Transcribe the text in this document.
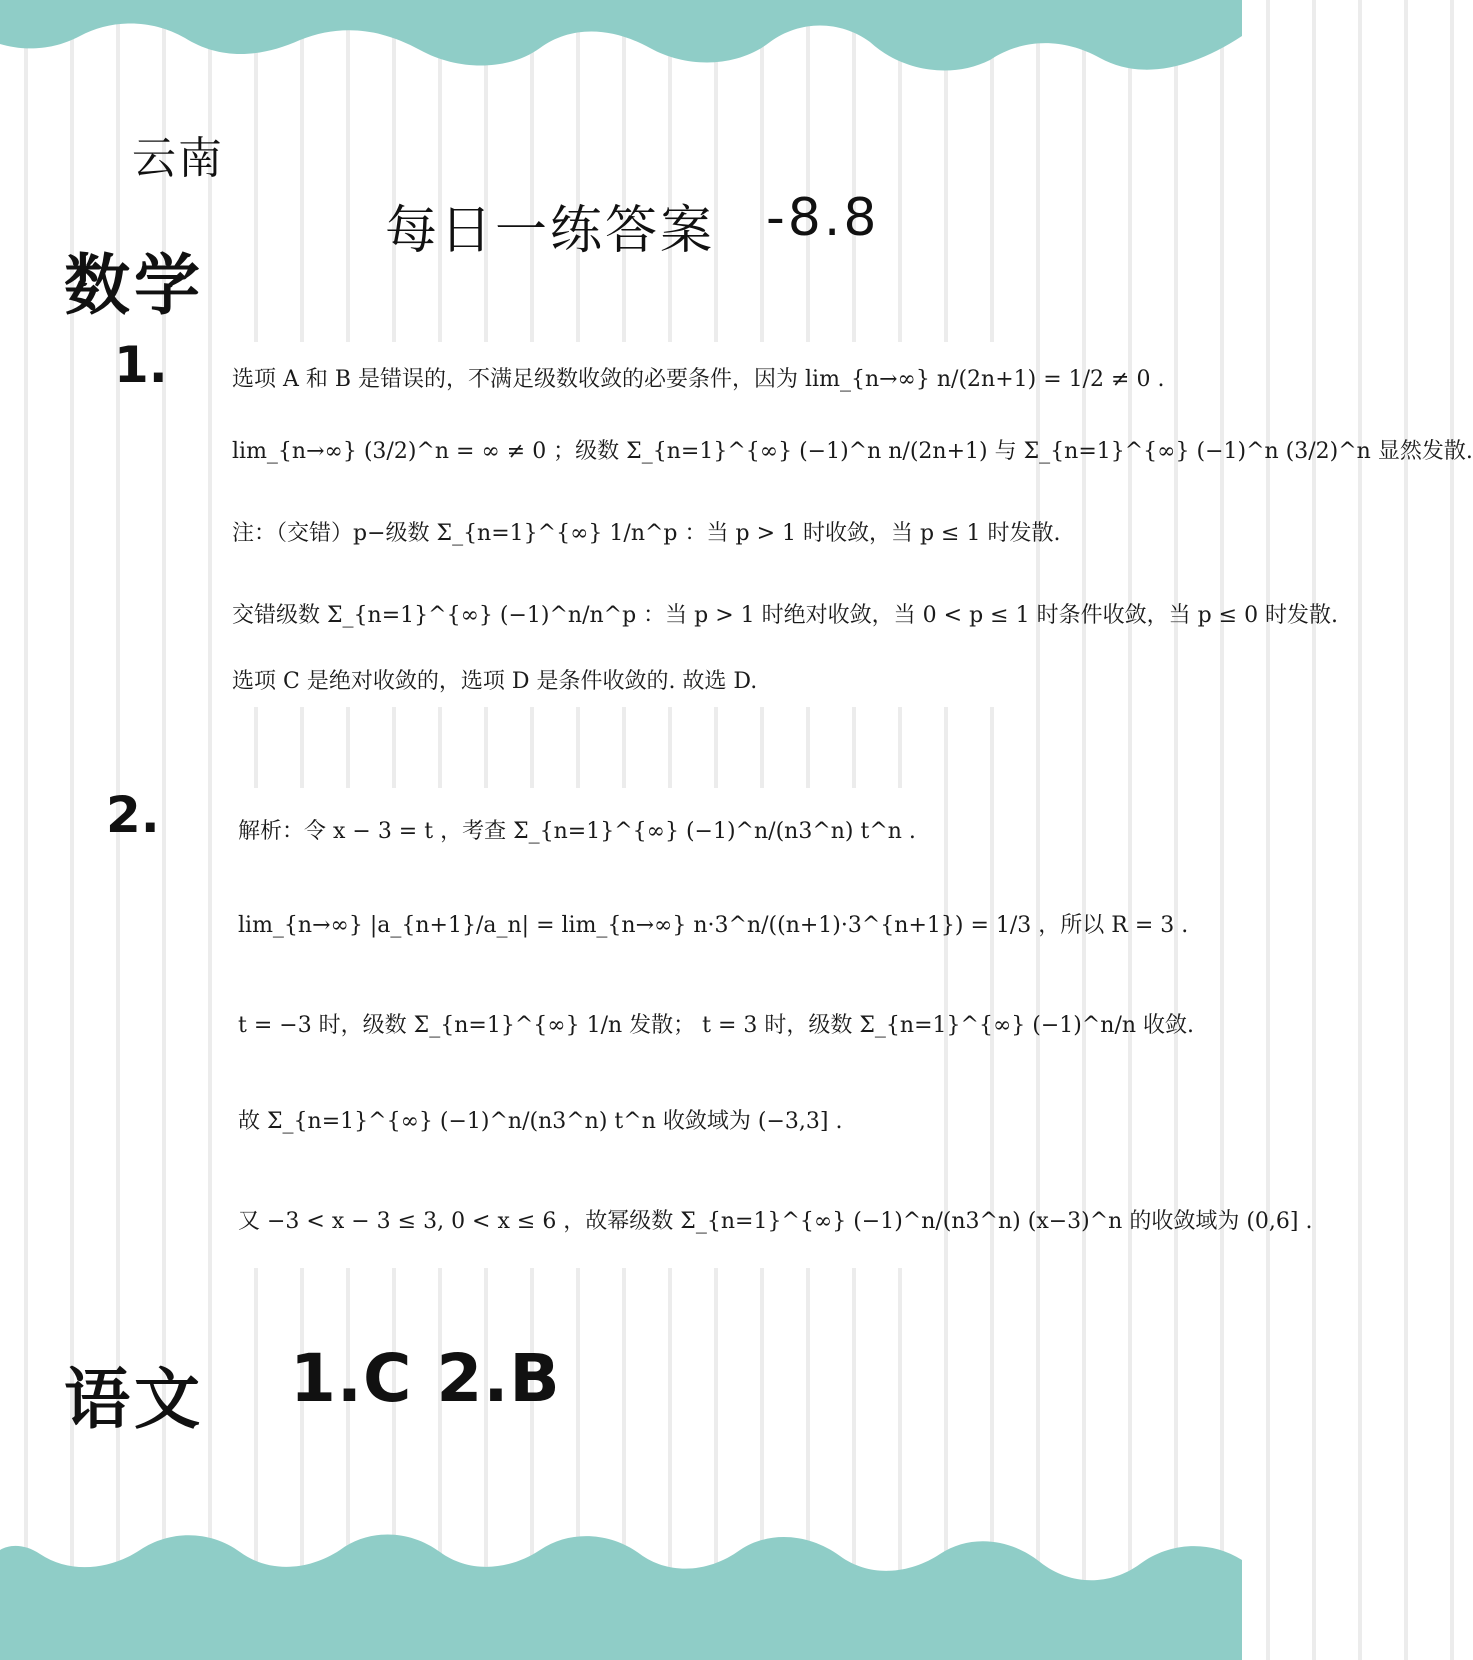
云南
每日一练答案 -8.8
数学
1.	选项 A 和 B 是错误的，不满足级数收敛的必要条件，因为 lim_{n→∞} n/(2n+1) = 1/2 ≠ 0 .
lim_{n→∞} (3/2)^n = ∞ ≠ 0 ；级数 Σ_{n=1}^{∞} (−1)^n n/(2n+1) 与 Σ_{n=1}^{∞} (−1)^n (3/2)^n 显然发散.
注：（交错）p−级数 Σ_{n=1}^{∞} 1/n^p ：当 p > 1 时收敛，当 p ≤ 1 时发散.
交错级数 Σ_{n=1}^{∞} (−1)^n/n^p ：当 p > 1 时绝对收敛，当 0 < p ≤ 1 时条件收敛，当 p ≤ 0 时发散.
选项 C 是绝对收敛的，选项 D 是条件收敛的. 故选 D.
2.	解析：令 x − 3 = t ，考查 Σ_{n=1}^{∞} (−1)^n/(n3^n) t^n .
lim_{n→∞} |a_{n+1}/a_n| = lim_{n→∞} n·3^n/((n+1)·3^{n+1}) = 1/3 ，所以 R = 3 .
t = −3 时，级数 Σ_{n=1}^{∞} 1/n 发散； t = 3 时，级数 Σ_{n=1}^{∞} (−1)^n/n 收敛.
故 Σ_{n=1}^{∞} (−1)^n/(n3^n) t^n 收敛域为 (−3,3] .
又 −3 < x − 3 ≤ 3, 0 < x ≤ 6 ，故幂级数 Σ_{n=1}^{∞} (−1)^n/(n3^n) (x−3)^n 的收敛域为 (0,6] .
语文 1.C 2.B
